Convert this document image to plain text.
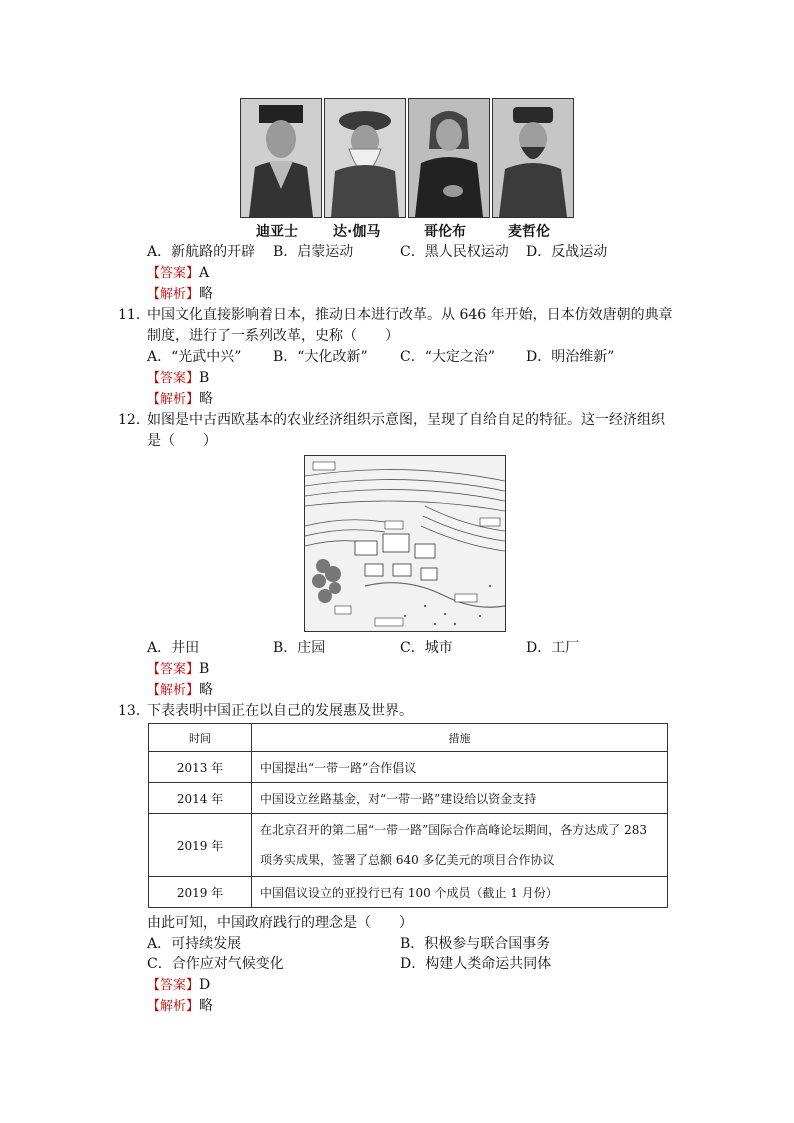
迪亚士	达·伽马	哥伦布	麦哲伦
A．新航路的开辟 B．启蒙运动	C．黑人民权运动 D．反战运动
【答案】A
【解析】略
11．
中国文化直接影响着日本，推动日本进行改革。从 646 年开始，日本仿效唐朝的典章
制度，进行了一系列改革，史称（　　）
A．“光武中兴” B．“大化改新” C．“大定之治” D．明治维新”
【答案】B
【解析】略
12．
如图是中古西欧基本的农业经济组织示意图，呈现了自给自足的特征。这一经济组织
是（　　）
A．井田	B．庄园	C．城市	D．工厂
【答案】B
【解析】略
13．
下表表明中国正在以自己的发展惠及世界。
时间	措施
2013 年	中国提出“一带一路”合作倡议
2014 年	中国设立丝路基金，对“一带一路”建设给以资金支持
2019 年	在北京召开的第二届“一带一路”国际合作高峰论坛期间，各方达成了 283 项务实成果，签署了总额 640 多亿美元的项目合作协议
2019 年	中国倡议设立的亚投行已有 100 个成员（截止 1 月份）
由此可知，中国政府践行的理念是（　　）
A．可持续发展	B．积极参与联合国事务
C．合作应对气候变化	D．构建人类命运共同体
【答案】D
【解析】略
